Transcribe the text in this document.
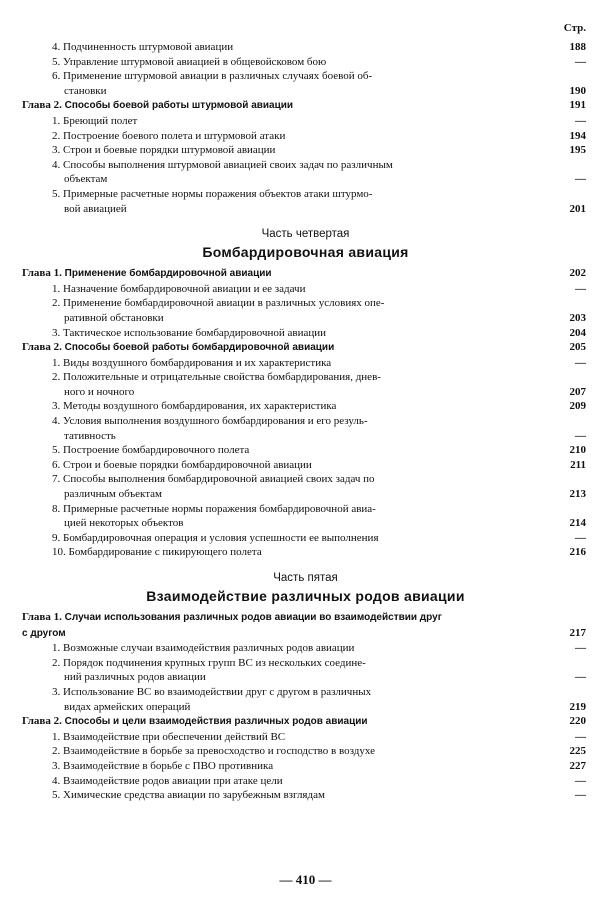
Стр.
4. Подчиненность штурмовой авиации	188
5. Управление штурмовой авиацией в общевойсковом бою	—
6. Применение штурмовой авиации в различных случаях боевой об-
становки	190
Глава 2. Способы боевой работы штурмовой авиации	191
1. Бреющий полет	—
2. Построение боевого полета и штурмовой атаки	194
3. Строи и боевые порядки штурмовой авиации	195
4. Способы выполнения штурмовой авиацией своих задач по различным
объектам	—
5. Примерные расчетные нормы поражения объектов атаки штурмо-
вой авиацией	201
Часть четвертая
Бомбардировочная авиация
Глава 1. Применение бомбардировочной авиации	202
1. Назначение бомбардировочной авиации и ее задачи	—
2. Применение бомбардировочной авиации в различных условиях опе-
ративной обстановки	203
3. Тактическое использование бомбардировочной авиации	204
Глава 2. Способы боевой работы бомбардировочной авиации	205
1. Виды воздушного бомбардирования и их характеристика	—
2. Положительные и отрицательные свойства бомбардирования, днев-
ного и ночного	207
3. Методы воздушного бомбардирования, их характеристика	209
4. Условия выполнения воздушного бомбардирования и его резуль-
тативность	—
5. Построение бомбардировочного полета	210
6. Строи и боевые порядки бомбардировочной авиации	211
7. Способы выполнения бомбардировочной авиацией своих задач по
различным объектам	213
8. Примерные расчетные нормы поражения бомбардировочной авиа-
цией некоторых объектов	214
9. Бомбардировочная операция и условия успешности ее выполнения	—
10. Бомбардирование с пикирующего полета	216
Часть пятая
Взаимодействие различных родов авиации
Глава 1. Случаи использования различных родов авиации во взаимодействии друг
с другом	217
1. Возможные случаи взаимодействия различных родов авиации	—
2. Порядок подчинения крупных групп ВС из нескольких соедине-
ний различных родов авиации	—
3. Использование ВС во взаимодействии друг с другом в различных
видах армейских операций	219
Глава 2. Способы и цели взаимодействия различных родов авиации	220
1. Взаимодействие при обеспечении действий ВС	—
2. Взаимодействие в борьбе за превосходство и господство в воздухе	225
3. Взаимодействие в борьбе с ПВО противника	227
4. Взаимодействие родов авиации при атаке цели	—
5. Химические средства авиации по зарубежным взглядам	—
— 410 —
